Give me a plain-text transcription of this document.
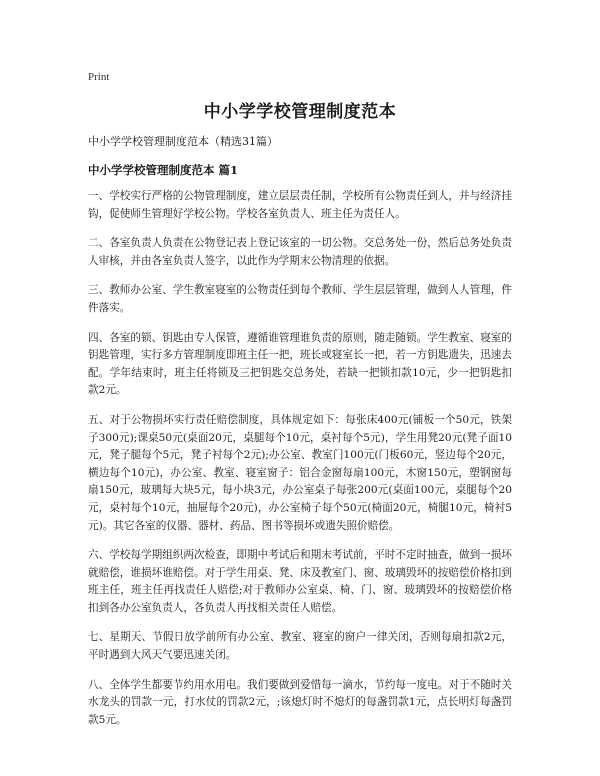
Print
中小学学校管理制度范本
中小学学校管理制度范本（精选31篇）
中小学学校管理制度范本 篇1

一、学校实行严格的公物管理制度，建立层层责任制，学校所有公物责任到人，并与经济挂钩，促使师生管理好学校公物。学校各室负责人、班主任为责任人。

二、各室负责人负责在公物登记表上登记该室的一切公物。交总务处一份，然后总务处负责人审核，并由各室负责人签字，以此作为学期末公物清理的依据。

三、教师办公室、学生教室寝室的公物责任到每个教师、学生层层管理，做到人人管理，件件落实。

四、各室的锁、钥匙由专人保管，遵循谁管理谁负责的原则，随走随锁。学生教室、寝室的钥匙管理，实行多方管理制度即班主任一把，班长或寝室长一把，若一方钥匙遗失，迅速去配。学年结束时，班主任将锁及三把钥匙交总务处，若缺一把锁扣款10元，少一把钥匙扣款2元。

五、对于公物损坏实行责任赔偿制度，具体规定如下：每张床400元(铺板一个50元，铁架子300元);课桌50元(桌面20元，桌腿每个10元，桌衬每个5元)，学生用凳20元(凳子面10元，凳子腿每个5元，凳子衬每个2元);办公室、教室门100元(门板60元，竖边每个20元，横边每个10元)，办公室、教室、寝室窗子：铝合金窗每扇100元，木窗150元，塑钢窗每扇150元，玻璃每大块5元，每小块3元，办公室桌子每张200元(桌面100元，桌腿每个20元，桌衬每个10元，抽屉每个20元)，办公室椅子每个50元(椅面20元，椅腿10元，椅衬5元)。其它各室的仪器、器材、药品、图书等损坏或遗失照价赔偿。

六、学校每学期组织两次检查，即期中考试后和期末考试前，平时不定时抽查，做到一损坏就赔偿，谁损坏谁赔偿。对于学生用桌、凳、床及教室门、窗、玻璃毁坏的按赔偿价格扣到班主任，班主任再找责任人赔偿;对于教师办公室桌、椅、门、窗、玻璃毁坏的按赔偿价格扣到各办公室负责人，各负责人再找相关责任人赔偿。

七、星期天、节假日放学前所有办公室、教室、寝室的窗户一律关闭，否则每扇扣款2元，平时遇到大风天气要迅速关闭。

八、全体学生都要节约用水用电。我们要做到爱惜每一滴水，节约每一度电。对于不随时关水龙头的罚款一元，打水仗的罚款2元，;该熄灯时不熄灯的每盏罚款1元，点长明灯每盏罚款5元。
